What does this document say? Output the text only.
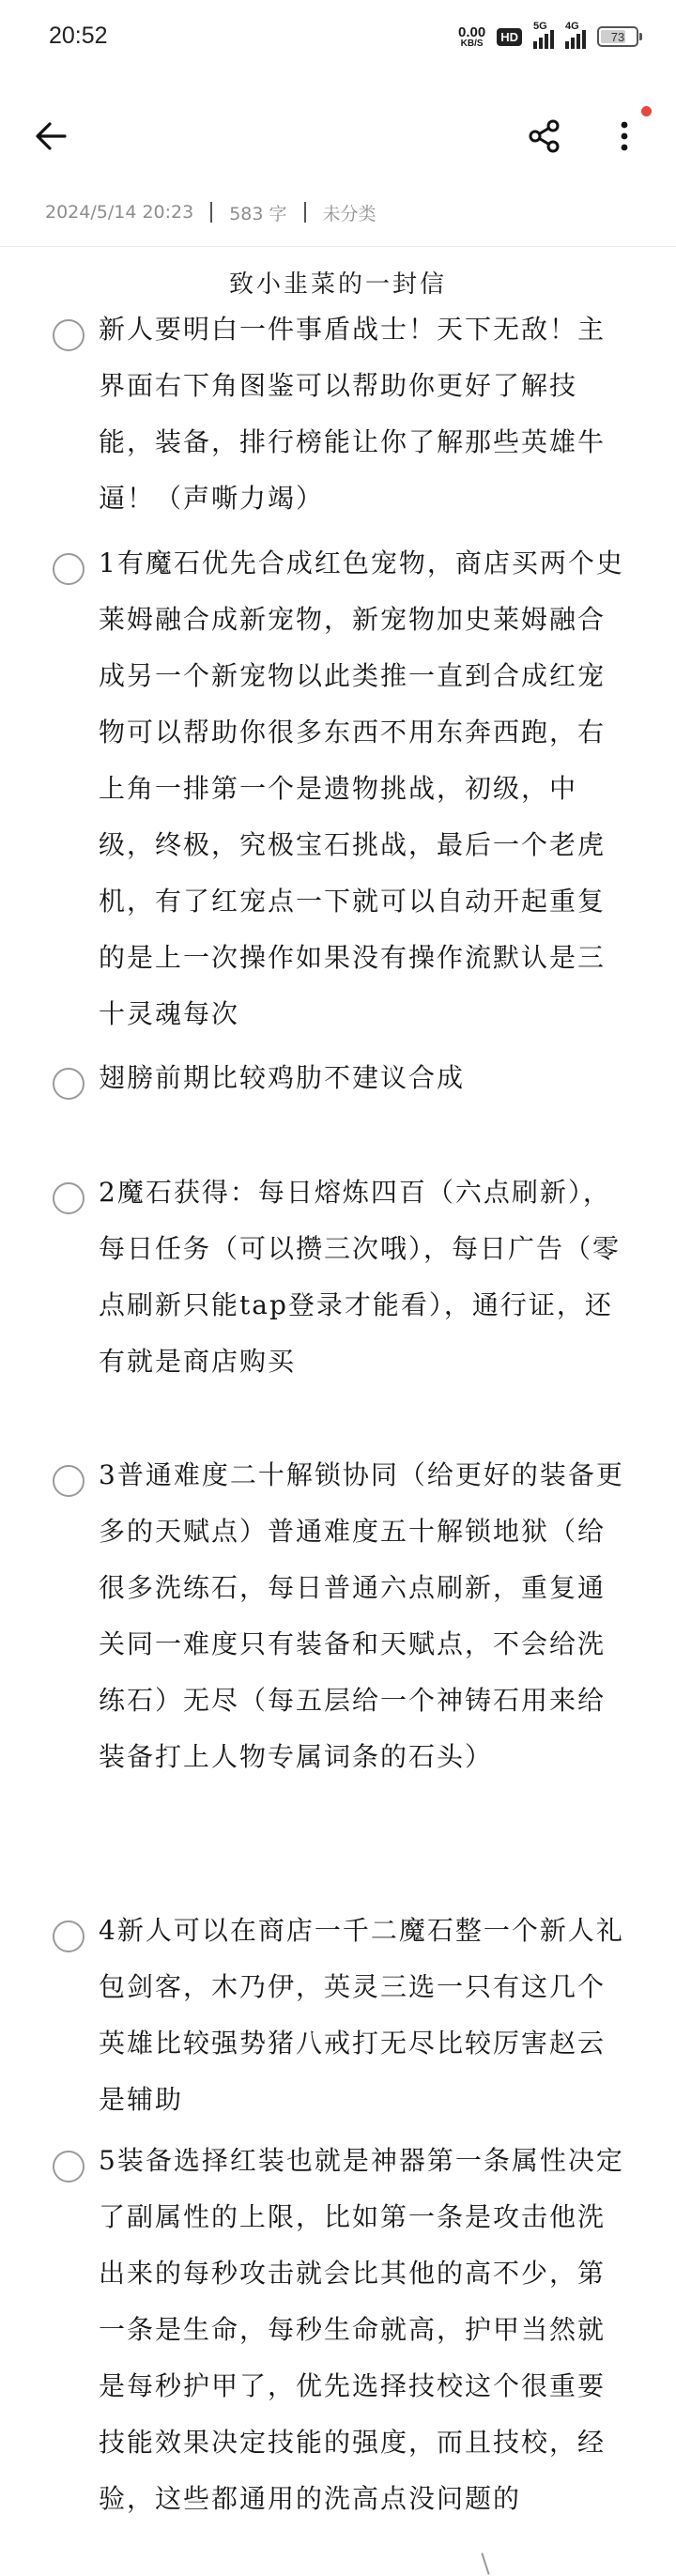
20:52	0.00
KB/S	HD
5G 4G
73
2024/5/14 20:23 583 字 未分类
致小韭菜的一封信
新人要明白一件事盾战士！天下无敌！主界面右下角图鉴可以帮助你更好了解技能，装备，排行榜能让你了解那些英雄牛逼！（声嘶力竭）
1有魔石优先合成红色宠物，商店买两个史莱姆融合成新宠物，新宠物加史莱姆融合成另一个新宠物以此类推一直到合成红宠物可以帮助你很多东西不用东奔西跑，右上角一排第一个是遗物挑战，初级，中级，终极，究极宝石挑战，最后一个老虎机，有了红宠点一下就可以自动开起重复的是上一次操作如果没有操作流默认是三十灵魂每次
翅膀前期比较鸡肋不建议合成
2魔石获得：每日熔炼四百（六点刷新），每日任务（可以攒三次哦），每日广告（零点刷新只能tap登录才能看），通行证，还有就是商店购买
3普通难度二十解锁协同（给更好的装备更多的天赋点）普通难度五十解锁地狱（给很多洗练石，每日普通六点刷新，重复通关同一难度只有装备和天赋点，不会给洗练石）无尽（每五层给一个神铸石用来给装备打上人物专属词条的石头）
4新人可以在商店一千二魔石整一个新人礼包剑客，木乃伊，英灵三选一只有这几个英雄比较强势猪八戒打无尽比较厉害赵云是辅助
5装备选择红装也就是神器第一条属性决定了副属性的上限，比如第一条是攻击他洗出来的每秒攻击就会比其他的高不少，第一条是生命，每秒生命就高，护甲当然就是每秒护甲了，优先选择技校这个很重要技能效果决定技能的强度，而且技校，经验，这些都通用的洗高点没问题的
